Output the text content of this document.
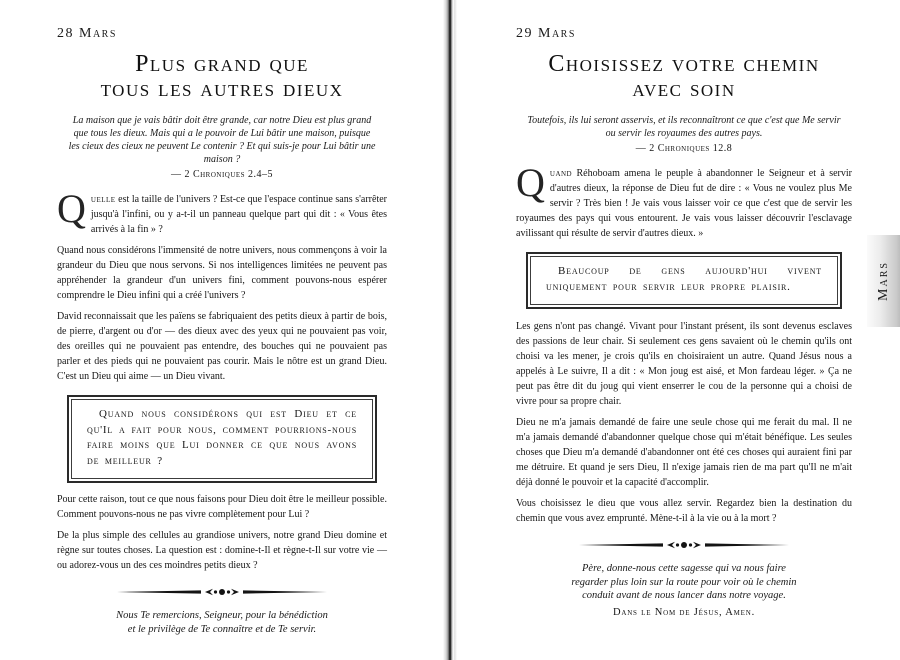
28 Mars
Plus grand que
tous les autres dieux
La maison que je vais bâtir doit être grande, car notre Dieu est plus grand que tous les dieux. Mais qui a le pouvoir de Lui bâtir une maison, puisque les cieux des cieux ne peuvent Le contenir ? Et qui suis-je pour Lui bâtir une maison ?
— 2 Chroniques 2.4–5

Quelle est la taille de l'univers ? Est-ce que l'espace continue sans s'arrêter jusqu'à l'infini, ou y a-t-il un panneau quelque part qui dit : « Vous êtes arrivés à la fin » ?

Quand nous considérons l'immensité de notre univers, nous commençons à voir la grandeur du Dieu que nous servons. Si nos intelligences limitées ne peuvent pas appréhender la grandeur d'un univers fini, comment pouvons-nous espérer comprendre le Dieu infini qui a créé l'univers ?

David reconnaissait que les païens se fabriquaient des petits dieux à partir de bois, de pierre, d'argent ou d'or — des dieux avec des yeux qui ne pouvaient pas voir, des oreilles qui ne pouvaient pas entendre, des bouches qui ne pouvaient pas parler et des pieds qui ne pouvaient pas courir. Mais le nôtre est un grand Dieu. C'est un Dieu qui aime — un Dieu vivant.

Quand nous considérons qui est Dieu et ce qu'Il a fait pour nous, comment pourrions-nous faire moins que Lui donner ce que nous avons de meilleur ?

Pour cette raison, tout ce que nous faisons pour Dieu doit être le meilleur possible. Comment pouvons-nous ne pas vivre complètement pour Lui ?

De la plus simple des cellules au grandiose univers, notre grand Dieu domine et règne sur toutes choses. La question est : domine-t-Il et règne-t-Il sur votre vie — ou adorez-vous un des ces moindres petits dieux ?

Nous Te remercions, Seigneur, pour la bénédiction
et le privilège de Te connaître et de Te servir.
29 Mars
Choisissez votre chemin
avec soin
Toutefois, ils lui seront asservis, et ils reconnaîtront ce que c'est que Me servir ou servir les royaumes des autres pays.
— 2 Chroniques 12.8

Quand Réhoboam amena le peuple à abandonner le Seigneur et à servir d'autres dieux, la réponse de Dieu fut de dire : « Vous ne voulez plus Me servir ? Très bien ! Je vais vous laisser voir ce que c'est que de servir les royaumes des pays qui vous entourent. Je vais vous laisser découvrir l'esclavage avilissant qui résulte de servir d'autres dieux. »

Beaucoup de gens aujourd'hui vivent uniquement pour servir leur propre plaisir.

Les gens n'ont pas changé. Vivant pour l'instant présent, ils sont devenus esclaves des passions de leur chair. Si seulement ces gens savaient où le chemin qu'ils ont choisi va les mener, je crois qu'ils en choisiraient un autre. Quand Jésus nous a appelés à Le suivre, Il a dit : « Mon joug est aisé, et Mon fardeau léger. » Ça ne peut pas être dit du joug qui vient enserrer le cou de la personne qui a choisi de vivre pour sa propre chair.

Dieu ne m'a jamais demandé de faire une seule chose qui me ferait du mal. Il ne m'a jamais demandé d'abandonner quelque chose qui m'était bénéfique. Les seules choses que Dieu m'a demandé d'abandonner ont été ces choses qui auraient fini par me détruire. Et quand je sers Dieu, Il n'exige jamais rien de ma part qu'Il ne m'ait déjà donné le pouvoir et la capacité d'accomplir.

Vous choisissez le dieu que vous allez servir. Regardez bien la destination du chemin que vous avez emprunté. Mène-t-il à la vie ou à la mort ?

Père, donne-nous cette sagesse qui va nous faire
regarder plus loin sur la route pour voir où le chemin
conduit avant de nous lancer dans notre voyage.
Dans le Nom de Jésus, Amen.
Mars
